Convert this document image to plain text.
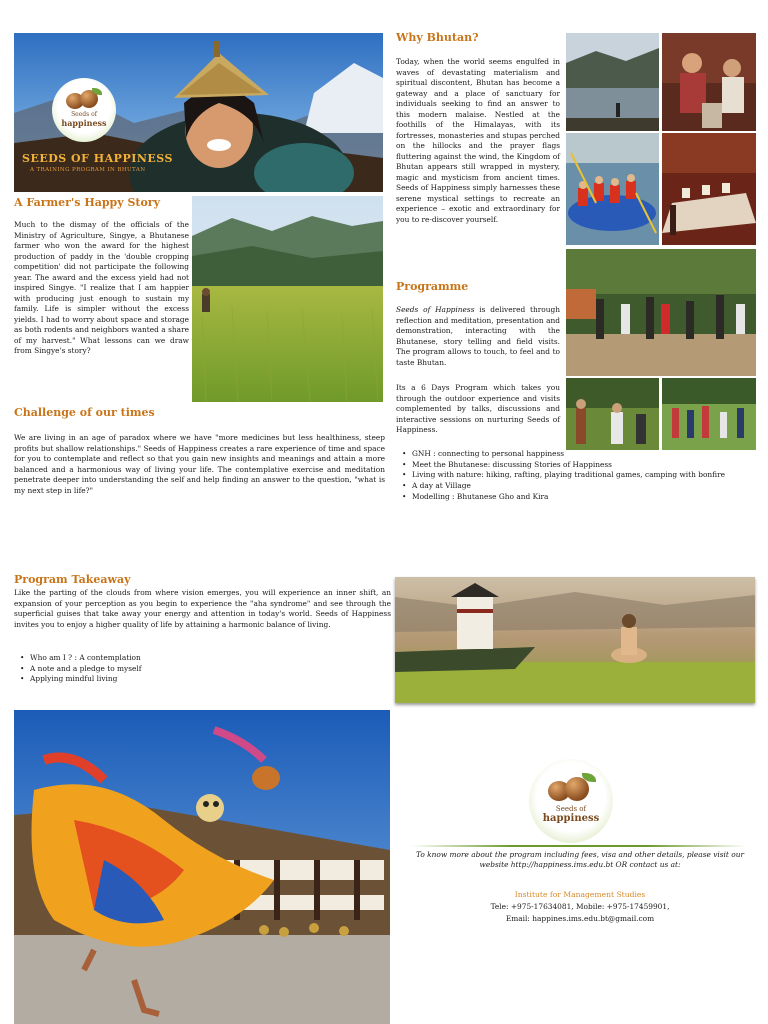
Seeds of
happiness
SEEDS OF HAPPINESS
A TRAINING PROGRAM IN BHUTAN
A Farmer's Happy Story
Much to the dismay of the officials of the Ministry of Agriculture, Singye, a Bhutanese farmer who won the award for the highest production of paddy in the 'double cropping competition' did not participate the following year. The award and the excess yield had not inspired Singye. "I realize that I am happier with producing just enough to sustain my family. Life is simpler without the excess yields. I had to worry about space and storage as both rodents and neighbors wanted a share of my harvest." What lessons can we draw from Singye's story?
Challenge of our times
We are living in an age of paradox where we have "more medicines but less healthiness, steep profits but shallow relationships." Seeds of Happiness creates a rare experience of time and space for you to contemplate and reflect so that you gain new insights and meanings and attain a more balanced and a harmonious way of living your life. The contemplative exercise and meditation penetrate deeper into understanding the self and help finding an answer to the question, "what is my next step in life?"
Why Bhutan?
Today, when the world seems engulfed in waves of devastating materialism and spiritual discontent, Bhutan has become a gateway and a place of sanctuary for individuals seeking to find an answer to this modern malaise. Nestled at the foothills of the Himalayas, with its fortresses, monasteries and stupas perched on the hillocks and the prayer flags fluttering against the wind, the Kingdom of Bhutan appears still wrapped in mystery, magic and mysticism from ancient times. Seeds of Happiness simply harnesses these serene mystical settings to recreate an experience – exotic and extraordinary for you to re-discover yourself.
Programme
Seeds of Happiness is delivered through reflection and meditation, presentation and demonstration, interacting with the Bhutanese, story telling and field visits. The program allows to touch, to feel and to taste Bhutan.
Its a 6 Days Program which takes you through the outdoor experience and visits complemented by talks, discussions and interactive sessions on nurturing Seeds of Happiness.
• GNH : connecting to personal happiness
• Meet the Bhutanese: discussing Stories of Happiness
• Living with nature: hiking, rafting, playing traditional games, camping with bonfire
• A day at Village
• Modelling : Bhutanese Gho and Kira
Program Takeaway
Like the parting of the clouds from where vision emerges, you will experience an inner shift, an expansion of your perception as you begin to experience the "aha syndrome" and see through the superficial guises that take away your energy and attention in today's world. Seeds of Happiness invites you to enjoy a higher quality of life by attaining a harmonic balance of living.
• Who am I ? : A contemplation
• A note and a pledge to myself
• Applying mindful living
Seeds of
happiness
To know more about the program including fees, visa and other details, please visit our website http://happiness.ims.edu.bt OR contact us at:
Institute for Management Studies
Tele: +975-17634081, Mobile: +975-17459901,
Email: happines.ims.edu.bt@gmail.com
